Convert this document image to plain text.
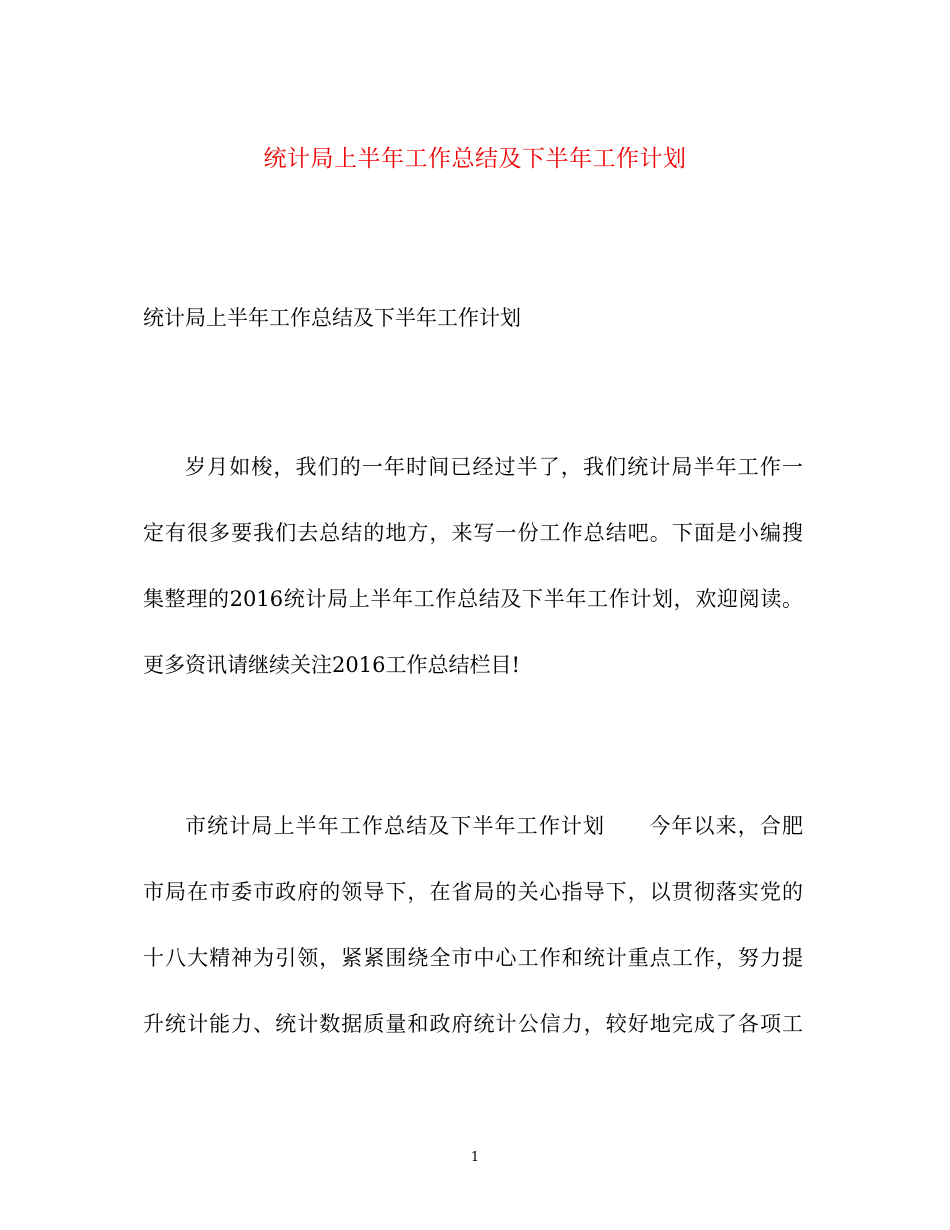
统计局上半年工作总结及下半年工作计划
统计局上半年工作总结及下半年工作计划
岁月如梭，我们的一年时间已经过半了，我们统计局半年工作一
定有很多要我们去总结的地方，来写一份工作总结吧。下面是小编搜
集整理的2016统计局上半年工作总结及下半年工作计划，欢迎阅读。
更多资讯请继续关注2016工作总结栏目!
市统计局上半年工作总结及下半年工作计划　　今年以来，合肥
市局在市委市政府的领导下，在省局的关心指导下，以贯彻落实党的
十八大精神为引领，紧紧围绕全市中心工作和统计重点工作，努力提
升统计能力、统计数据质量和政府统计公信力，较好地完成了各项工
1
